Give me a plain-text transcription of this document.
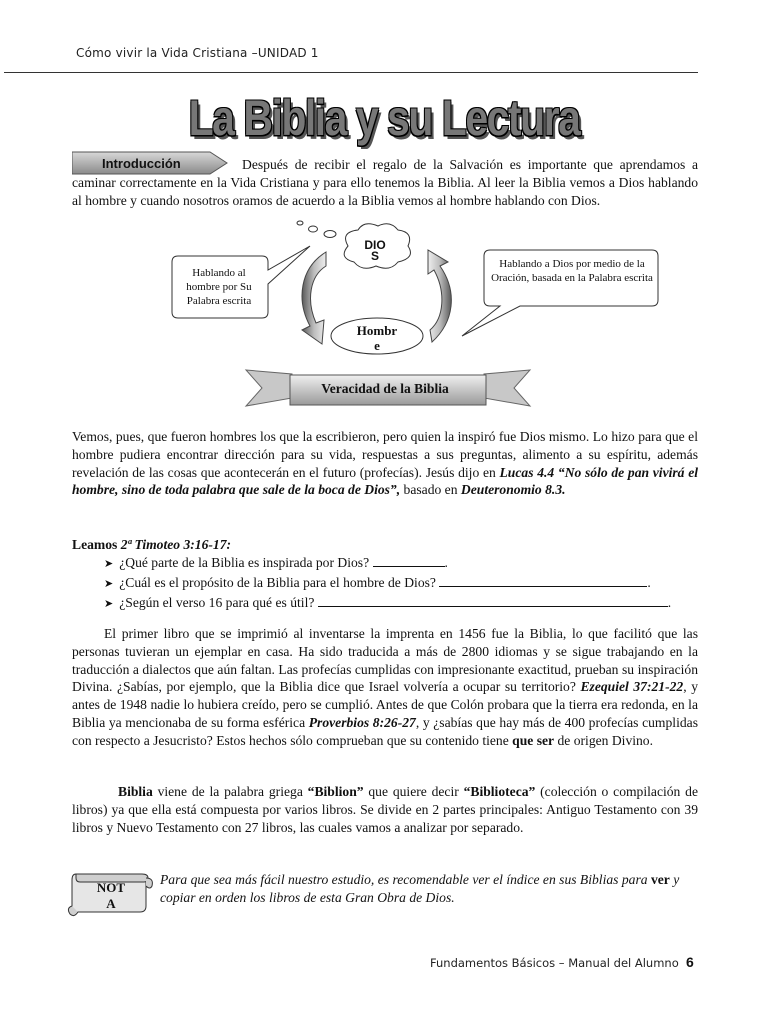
Cómo vivir la Vida Cristiana –UNIDAD 1
La Biblia y su Lectura
Introducción	Después de recibir el regalo de la Salvación es importante que aprendamos a caminar correctamente en la Vida Cristiana y para ello tenemos la Biblia. Al leer la Biblia vemos a Dios hablando al hombre y cuando nosotros oramos de acuerdo a la Biblia vemos al hombre hablando con Dios.
DIO
S
Hombr
e
Hablando al hombre por Su Palabra escrita
Hablando a Dios por medio de la Oración, basada en la Palabra escrita
Veracidad de la Biblia
Vemos, pues, que fueron hombres los que la escribieron, pero quien la inspiró fue Dios mismo. Lo hizo para que el hombre pudiera encontrar dirección para su vida, respuestas a sus preguntas, alimento a su espíritu, además revelación de las cosas que acontecerán en el futuro (profecías). Jesús dijo en Lucas 4.4 “No sólo de pan vivirá el hombre, sino de toda palabra que sale de la boca de Dios”, basado en Deuteronomio 8.3.
Leamos 2ª Timoteo 3:16-17:
➤ ¿Qué parte de la Biblia es inspirada por Dios?	.
➤ ¿Cuál es el propósito de la Biblia para el hombre de Dios?	.
➤ ¿Según el verso 16 para qué es útil?	.
El primer libro que se imprimió al inventarse la imprenta en 1456 fue la Biblia, lo que facilitó que las personas tuvieran un ejemplar en casa. Ha sido traducida a más de 2800 idiomas y se sigue trabajando en la traducción a dialectos que aún faltan. Las profecías cumplidas con impresionante exactitud, prueban su inspiración Divina. ¿Sabías, por ejemplo, que la Biblia dice que Israel volvería a ocupar su territorio? Ezequiel 37:21-22, y antes de 1948 nadie lo hubiera creído, pero se cumplió. Antes de que Colón probara que la tierra era redonda, en la Biblia ya mencionaba de su forma esférica Proverbios 8:26-27, y ¿sabías que hay más de 400 profecías cumplidas con respecto a Jesucristo? Estos hechos sólo comprueban que su contenido tiene que ser de origen Divino.
Biblia viene de la palabra griega “Biblion” que quiere decir “Biblioteca” (colección o compilación de libros) ya que ella está compuesta por varios libros. Se divide en 2 partes principales: Antiguo Testamento con 39 libros y Nuevo Testamento con 27 libros, las cuales vamos a analizar por separado.
NOT
A
Para que sea más fácil nuestro estudio, es recomendable ver el índice en sus Biblias para ver y copiar en orden los libros de esta Gran Obra de Dios.
Fundamentos Básicos – Manual del Alumno 6
